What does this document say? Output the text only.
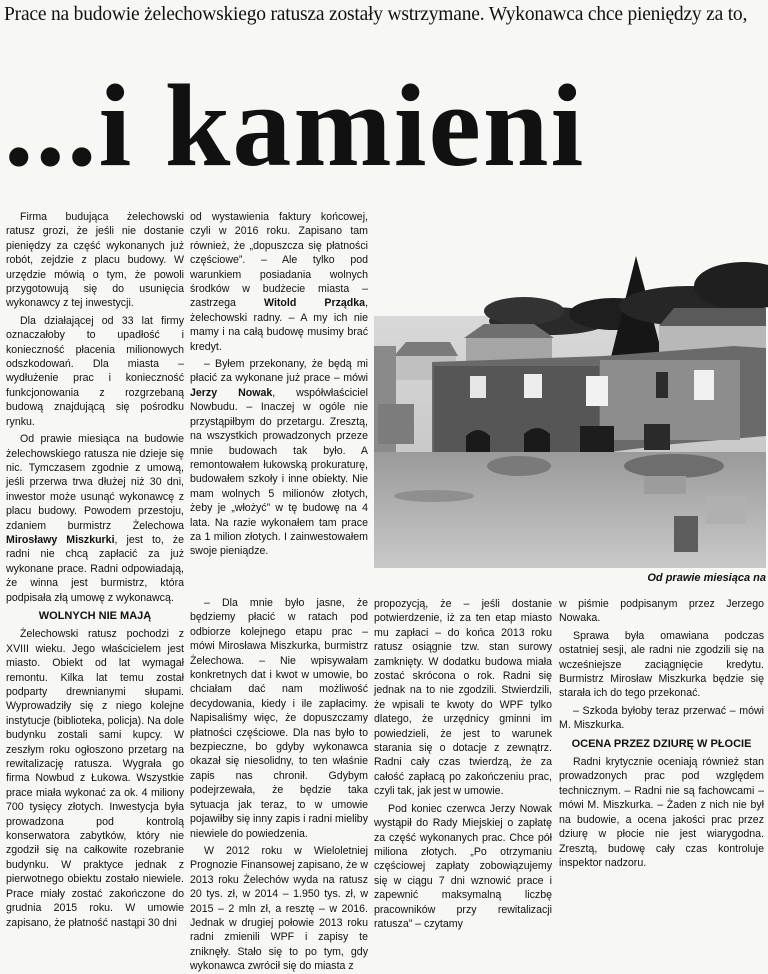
Prace na budowie żelechowskiego ratusza zostały wstrzymane. Wykonawca chce pieniędzy za to,
...i kamieni

Firma budująca żelechowski ratusz grozi, że jeśli nie dostanie pieniędzy za część wykonanych już robót, zejdzie z placu budowy. W urzędzie mówią o tym, że powoli przygotowują się do usunięcia wykonawcy z tej inwestycji.

Dla działającej od 33 lat firmy oznaczałoby to upadłość i konieczność płacenia milionowych odszkodowań. Dla miasta – wydłużenie prac i konieczność funkcjonowania z rozgrzebaną budową znajdującą się pośrodku rynku.

Od prawie miesiąca na budowie żelechowskiego ratusza nie dzieje się nic. Tymczasem zgodnie z umową, jeśli przerwa trwa dłużej niż 30 dni, inwestor może usunąć wykonawcę z placu budowy. Powodem przestoju, zdaniem burmistrz Żelechowa Mirosławy Miszkurki, jest to, że radni nie chcą zapłacić za już wykonane prace. Radni odpowiadają, że winna jest burmistrz, która podpisała złą umowę z wykonawcą.

WOLNYCH NIE MAJĄ

Żelechowski ratusz pochodzi z XVIII wieku. Jego właścicielem jest miasto. Obiekt od lat wymagał remontu. Kilka lat temu został podparty drewnianymi słupami. Wyprowadziły się z niego kolejne instytucje (biblioteka, policja). Na dole budynku zostali sami kupcy. W zeszłym roku ogłoszono przetarg na rewitalizację ratusza. Wygrała go firma Nowbud z Łukowa. Wszystkie prace miała wykonać za ok. 4 miliony 700 tysięcy złotych. Inwestycja była prowadzona pod kontrolą konserwatora zabytków, który nie zgodził się na całkowite rozebranie budynku. W praktyce jednak z pierwotnego obiektu zostało niewiele. Prace miały zostać zakończone do grudnia 2015 roku. W umowie zapisano, że płatność nastąpi 30 dni

od wystawienia faktury końcowej, czyli w 2016 roku. Zapisano tam również, że „dopuszcza się płatności częściowe”. – Ale tylko pod warunkiem posiadania wolnych środków w budżecie miasta – zastrzega Witold Prządka, żelechowski radny. – A my ich nie mamy i na całą budowę musimy brać kredyt.

– Byłem przekonany, że będą mi płacić za wykonane już prace – mówi Jerzy Nowak, współwłaściciel Nowbudu. – Inaczej w ogóle nie przystąpiłbym do przetargu. Zresztą, na wszystkich prowadzonych przeze mnie budowach tak było. A remontowałem łukowską prokuraturę, budowałem szkoły i inne obiekty. Nie mam wolnych 5 milionów złotych, żeby je „włożyć” w tę budowę na 4 lata. Na razie wykonałem tam prace za 1 milion złotych. I zainwestowałem swoje pieniądze.

– Dla mnie było jasne, że będziemy płacić w ratach pod odbiorze kolejnego etapu prac – mówi Mirosława Miszkurka, burmistrz Żelechowa. – Nie wpisywałam konkretnych dat i kwot w umowie, bo chciałam dać nam możliwość decydowania, kiedy i ile zapłacimy. Napisaliśmy więc, że dopuszczamy płatności częściowe. Dla nas było to bezpieczne, bo gdyby wykonawca okazał się niesolidny, to ten właśnie zapis nas chronił. Gdybym podejrzewała, że będzie taka sytuacja jak teraz, to w umowie pojawiłby się inny zapis i radni mieliby niewiele do powiedzenia.

W 2012 roku w Wieloletniej Prognozie Finansowej zapisano, że w 2013 roku Żelechów wyda na ratusz 20 tys. zł, w 2014 – 1.950 tys. zł, w 2015 – 2 mln zł, a resztę – w 2016. Jednak w drugiej połowie 2013 roku radni zmienili WPF i zapisy te zniknęły. Stało się to po tym, gdy wykonawca zwrócił się do miasta z

Od prawie miesiąca na

propozycją, że – jeśli dostanie potwierdzenie, iż za ten etap miasto mu zapłaci – do końca 2013 roku ratusz osiągnie tzw. stan surowy zamknięty. W dodatku budowa miała zostać skrócona o rok. Radni się jednak na to nie zgodzili. Stwierdzili, że wpisali te kwoty do WPF tylko dlatego, że urzędnicy gminni im powiedzieli, że jest to warunek starania się o dotacje z zewnątrz. Radni cały czas twierdzą, że za całość zapłacą po zakończeniu prac, czyli tak, jak jest w umowie.

Pod koniec czerwca Jerzy Nowak wystąpił do Rady Miejskiej o zapłatę za część wykonanych prac. Chce pół miliona złotych. „Po otrzymaniu częściowej zapłaty zobowiązujemy się w ciągu 7 dni wznowić prace i zapewnić maksymalną liczbę pracowników przy rewitalizacji ratusza” – czytamy

w piśmie podpisanym przez Jerzego Nowaka.

Sprawa była omawiana podczas ostatniej sesji, ale radni nie zgodzili się na wcześniejsze zaciągnięcie kredytu. Burmistrz Mirosław Miszkurka będzie się starała ich do tego przekonać.

– Szkoda byłoby teraz przerwać – mówi M. Miszkurka.

OCENA PRZEZ DZIURĘ W PŁOCIE

Radni krytycznie oceniają również stan prowadzonych prac pod względem technicznym. – Radni nie są fachowcami – mówi M. Miszkurka. – Żaden z nich nie był na budowie, a ocena jakości prac przez dziurę w płocie nie jest wiarygodna. Zresztą, budowę cały czas kontroluje inspektor nadzoru.
